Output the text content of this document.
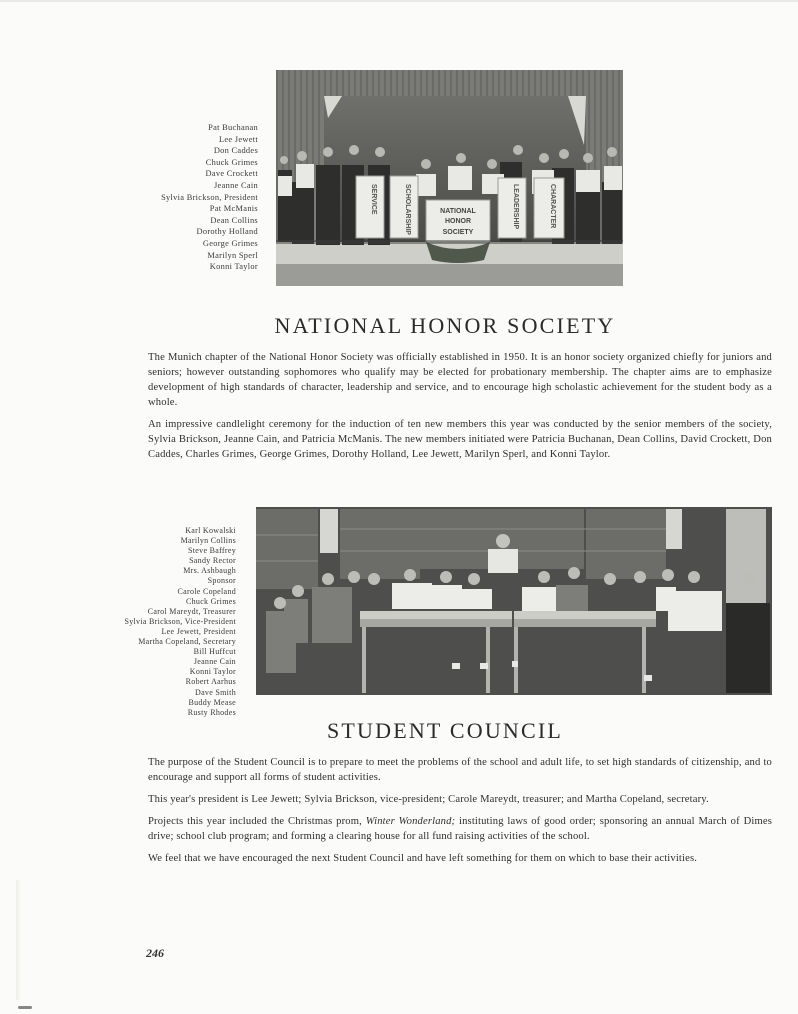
Pat Buchanan
Lee Jewett
Don Caddes
Chuck Grimes
Dave Crockett
Jeanne Cain
Sylvia Brickson, President
Pat McManis
Dean Collins
Dorothy Holland
George Grimes
Marilyn Sperl
Konni Taylor
SERVICE	SCHOLARSHIP	LEADERSHIP	CHARACTER
NATIONAL
HONOR
SOCIETY
NATIONAL HONOR SOCIETY

The Munich chapter of the National Honor Society was officially established in 1950. It is an honor society organized chiefly for juniors and seniors; however outstanding sophomores who qualify may be elected for probationary membership. The chapter aims are to emphasize development of high standards of character, leadership and service, and to encourage high scholastic achievement for the student body as a whole.

An impressive candlelight ceremony for the induction of ten new members this year was conducted by the senior members of the society, Sylvia Brickson, Jeanne Cain, and Patricia McManis. The new members initiated were Patricia Buchanan, Dean Collins, David Crockett, Don Caddes, Charles Grimes, George Grimes, Dorothy Holland, Lee Jewett, Marilyn Sperl, and Konni Taylor.

Karl Kowalski
Marilyn Collins
Steve Baffrey
Sandy Rector
Mrs. Ashbaugh
Sponsor
Carole Copeland
Chuck Grimes
Carol Mareydt, Treasurer
Sylvia Brickson, Vice-President
Lee Jewett, President
Martha Copeland, Secretary
Bill Huffcut
Jeanne Cain
Konni Taylor
Robert Aarhus
Dave Smith
Buddy Mease
Rusty Rhodes
STUDENT COUNCIL

The purpose of the Student Council is to prepare to meet the problems of the school and adult life, to set high standards of citizenship, and to encourage and support all forms of student activities.

This year's president is Lee Jewett; Sylvia Brickson, vice-president; Carole Mareydt, treasurer; and Martha Copeland, secretary.

Projects this year included the Christmas prom, Winter Wonderland; instituting laws of good order; sponsoring an annual March of Dimes drive; school club program; and forming a clearing house for all fund raising activities of the school.

We feel that we have encouraged the next Student Council and have left something for them on which to base their activities.

246
